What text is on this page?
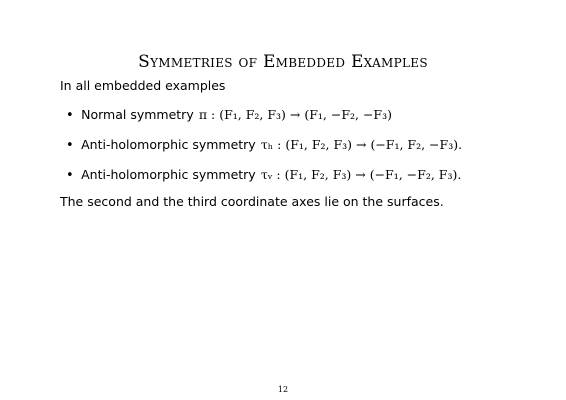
Symmetries of Embedded Examples
In all embedded examples
• Normal symmetry π : (F₁, F₂, F₃) → (F₁, −F₂, −F₃)
• Anti-holomorphic symmetry τₕ : (F₁, F₂, F₃) → (−F₁, F₂, −F₃).
• Anti-holomorphic symmetry τᵥ : (F₁, F₂, F₃) → (−F₁, −F₂, F₃).
The second and the third coordinate axes lie on the surfaces.
12
